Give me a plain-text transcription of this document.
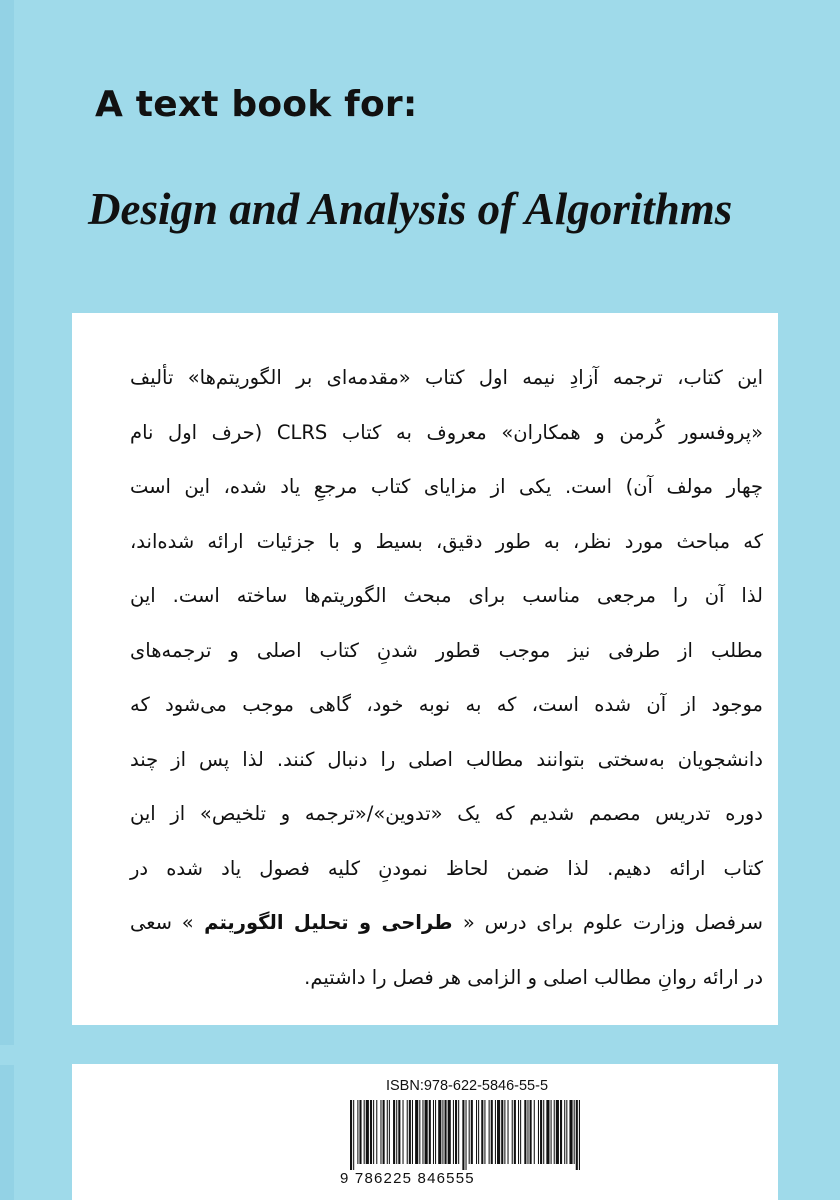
A text book for:
Design and Analysis of Algorithms
این کتاب، ترجمه آزادِ نیمه اول کتاب «مقدمه‌ای بر الگوریتم‌ها» تألیف
«پروفسور کُرمن و همکاران» معروف به کتاب CLRS (حرف اول نام
چهار مولف آن) است. یکی از مزایای کتاب مرجعِ یاد شده، این است
که مباحث مورد نظر، به طور دقیق، بسیط و با جزئیات ارائه شده‌اند،
لذا آن را مرجعی مناسب برای مبحث الگوریتم‌ها ساخته است. این
مطلب از طرفی نیز موجب قطور شدنِ کتاب اصلی و ترجمه‌های
موجود از آن شده است، که به نوبه خود، گاهی موجب می‌شود که
دانشجویان به‌سختی بتوانند مطالب اصلی را دنبال کنند. لذا پس از چند
دوره تدریس مصمم شدیم که یک «تدوین»/«ترجمه و تلخیص» از این
کتاب ارائه دهیم. لذا ضمن لحاظ نمودنِ کلیه فصول یاد شده در
سرفصل وزارت علوم برای درس « طراحی و تحلیل الگوریتم » سعی
در ارائه روانِ مطالب اصلی و الزامی هر فصل را داشتیم.
ISBN:978-622-5846-55-5
9 786225 846555
